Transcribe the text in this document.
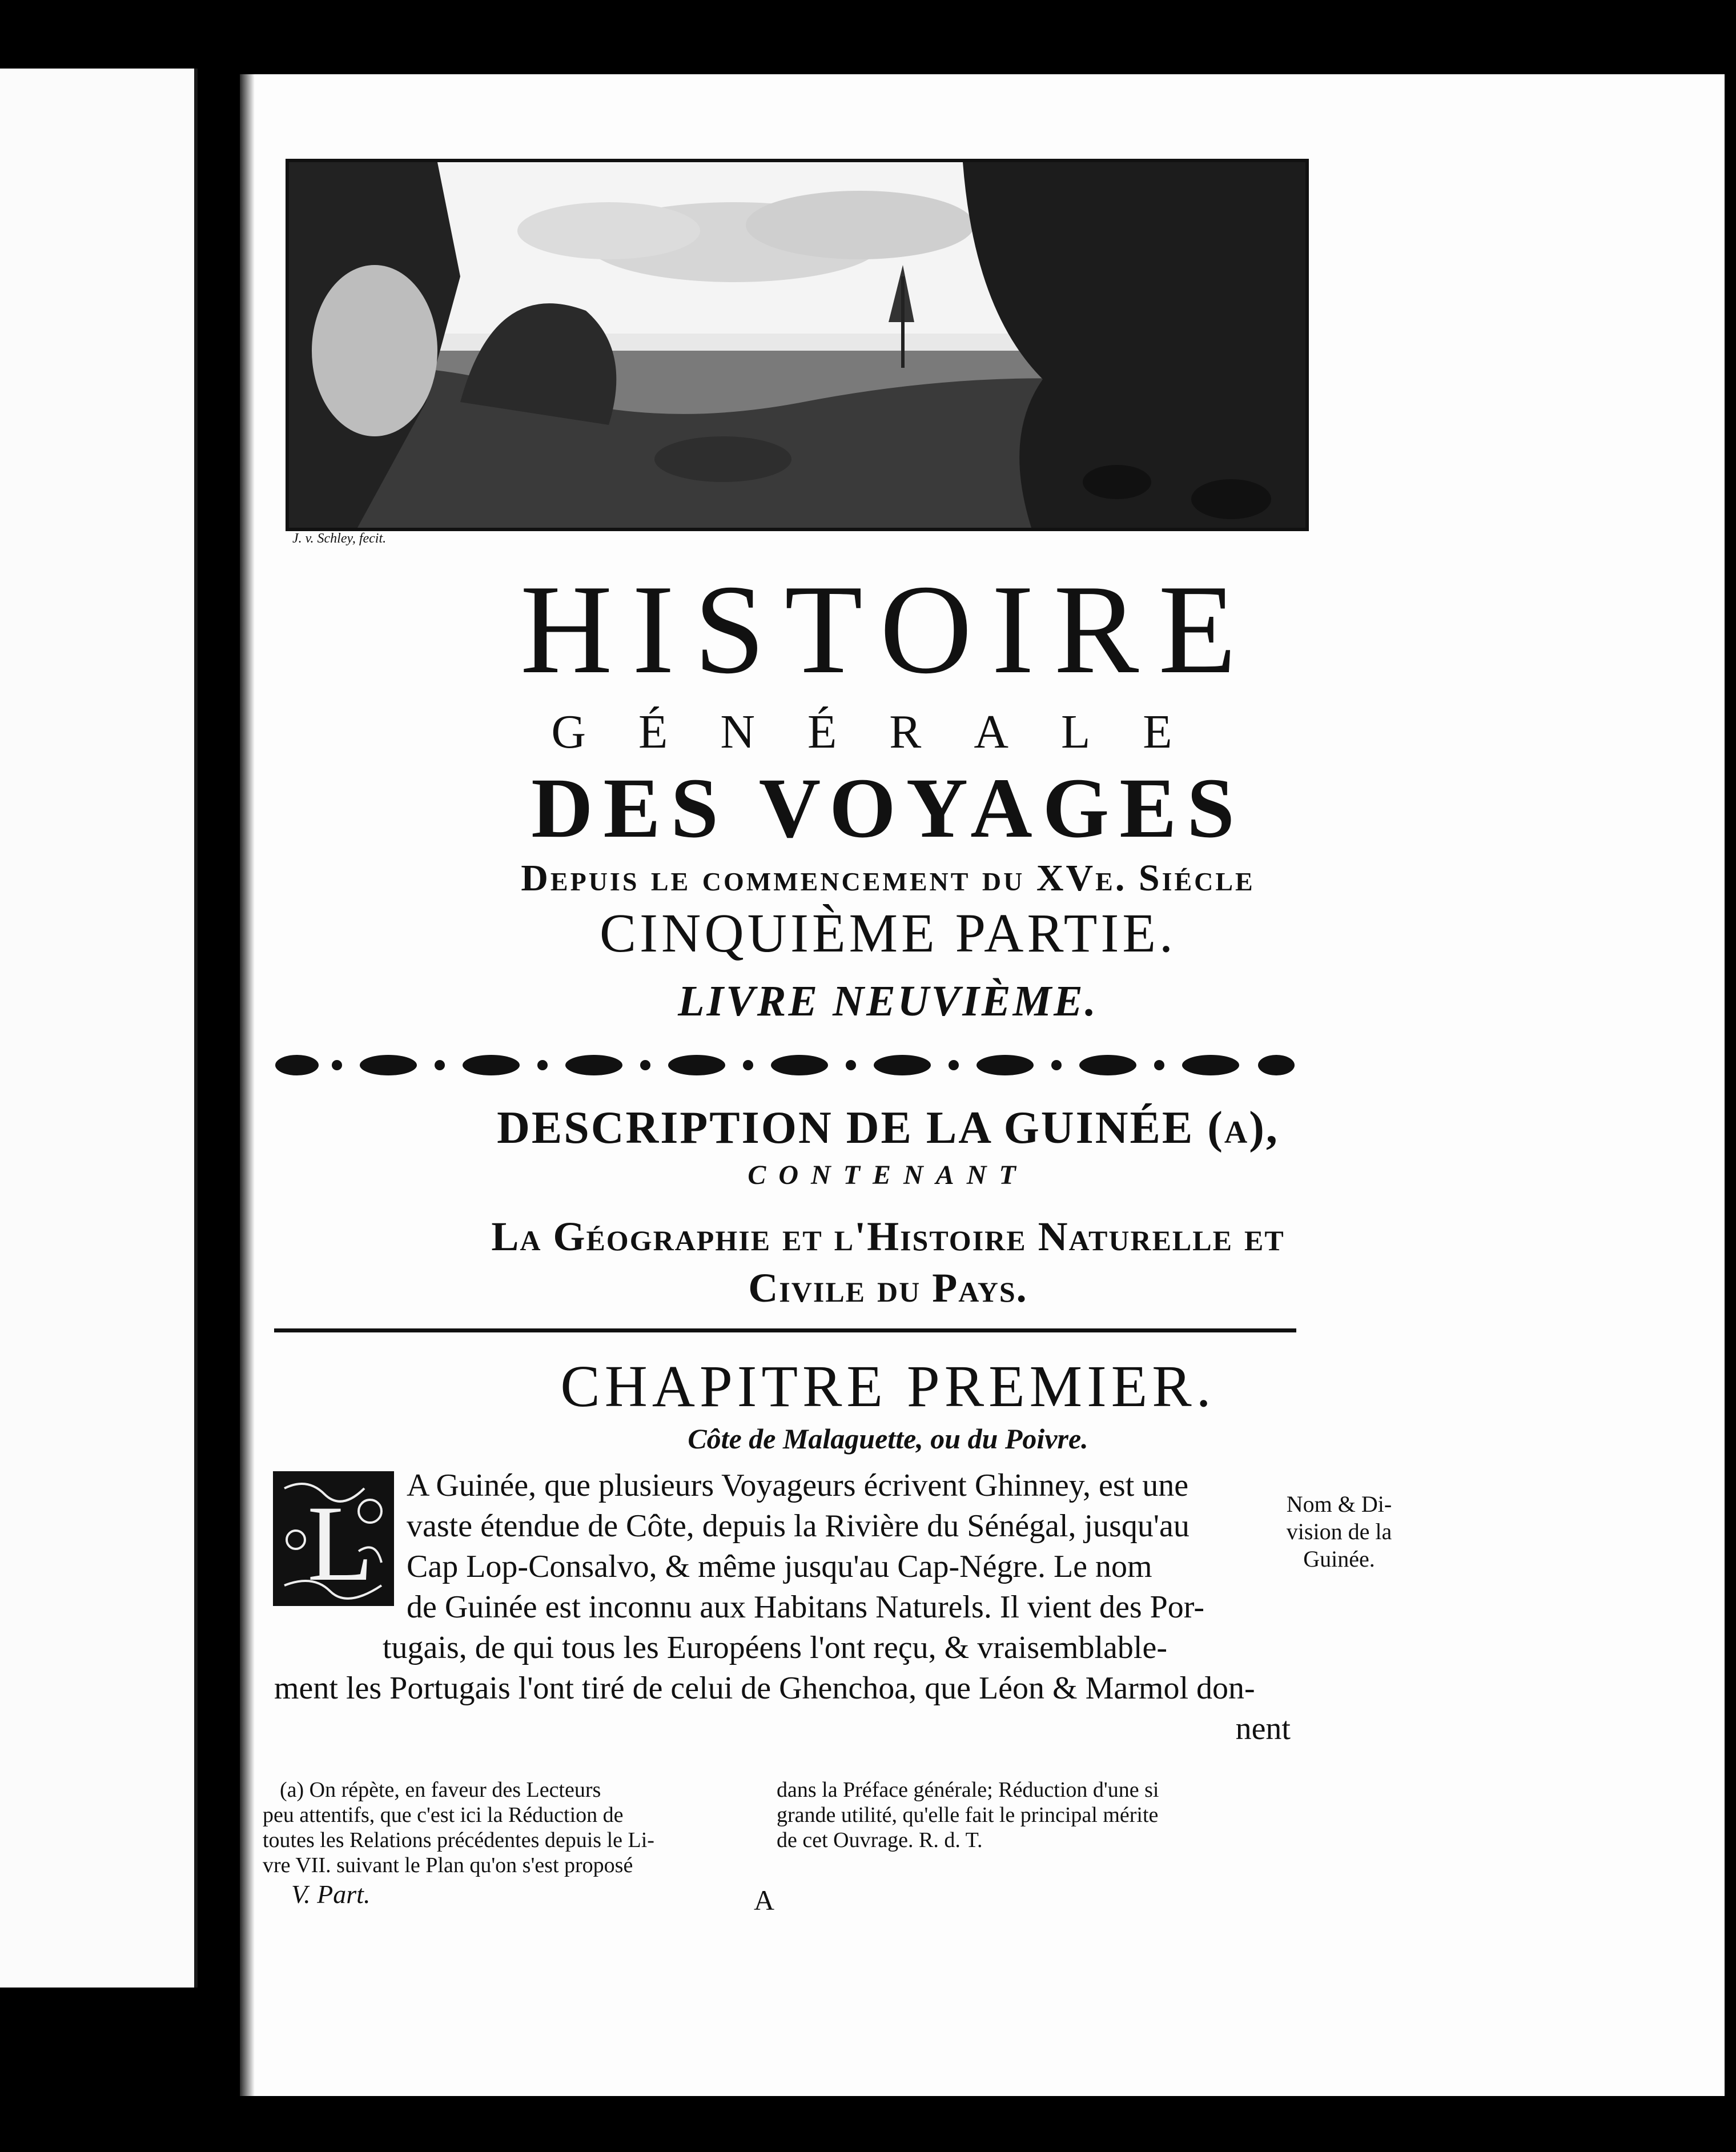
J. v. Schley, fecit.
HISTOIRE
GÉNÉRALE
DES VOYAGES
Depuis le commencement du XVe. Siécle
CINQUIÈME PARTIE.
LIVRE NEUVIÈME.
DESCRIPTION DE LA GUINÉE (a),
CONTENANT
La Géographie et l'Histoire Naturelle et
Civile du Pays.
CHAPITRE PREMIER.
Côte de Malaguette, ou du Poivre.
L	A Guinée, que plusieurs Voyageurs écrivent Ghinney, est une
vaste étendue de Côte, depuis la Rivière du Sénégal, jusqu'au
Cap Lop-Consalvo, & même jusqu'au Cap-Négre. Le nom
de Guinée est inconnu aux Habitans Naturels. Il vient des Por-
tugais, de qui tous les Européens l'ont reçu, & vraisemblable-
ment les Portugais l'ont tiré de celui de Ghenchoa, que Léon & Marmol don-
nent
Nom & Di-
vision de la
Guinée.
(a) On répète, en faveur des Lecteurs
peu attentifs, que c'est ici la Réduction de
toutes les Relations précédentes depuis le Li-
vre VII. suivant le Plan qu'on s'est proposé
dans la Préface générale; Réduction d'une si
grande utilité, qu'elle fait le principal mérite
de cet Ouvrage. R. d. T.
V. Part.	A
